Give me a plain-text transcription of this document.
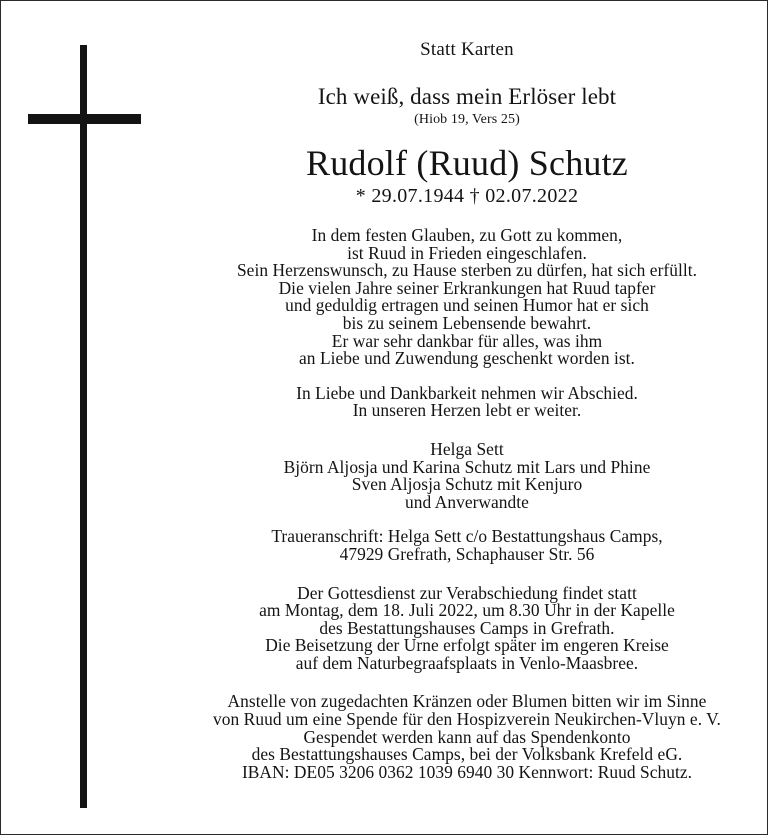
Statt Karten
Ich weiß, dass mein Erlöser lebt
(Hiob 19, Vers 25)
Rudolf (Ruud) Schutz
* 29.07.1944 † 02.07.2022
In dem festen Glauben, zu Gott zu kommen,
ist Ruud in Frieden eingeschlafen.
Sein Herzenswunsch, zu Hause sterben zu dürfen, hat sich erfüllt.
Die vielen Jahre seiner Erkrankungen hat Ruud tapfer
und geduldig ertragen und seinen Humor hat er sich
bis zu seinem Lebensende bewahrt.
Er war sehr dankbar für alles, was ihm
an Liebe und Zuwendung geschenkt worden ist.
In Liebe und Dankbarkeit nehmen wir Abschied.
In unseren Herzen lebt er weiter.
Helga Sett
Björn Aljosja und Karina Schutz mit Lars und Phine
Sven Aljosja Schutz mit Kenjuro
und Anverwandte
Traueranschrift: Helga Sett c/o Bestattungshaus Camps,
47929 Grefrath, Schaphauser Str. 56
Der Gottesdienst zur Verabschiedung findet statt
am Montag, dem 18. Juli 2022, um 8.30 Uhr in der Kapelle
des Bestattungshauses Camps in Grefrath.
Die Beisetzung der Urne erfolgt später im engeren Kreise
auf dem Naturbegraafsplaats in Venlo-Maasbree.
Anstelle von zugedachten Kränzen oder Blumen bitten wir im Sinne
von Ruud um eine Spende für den Hospizverein Neukirchen-Vluyn e. V.
Gespendet werden kann auf das Spendenkonto
des Bestattungshauses Camps, bei der Volksbank Krefeld eG.
IBAN: DE05 3206 0362 1039 6940 30 Kennwort: Ruud Schutz.
